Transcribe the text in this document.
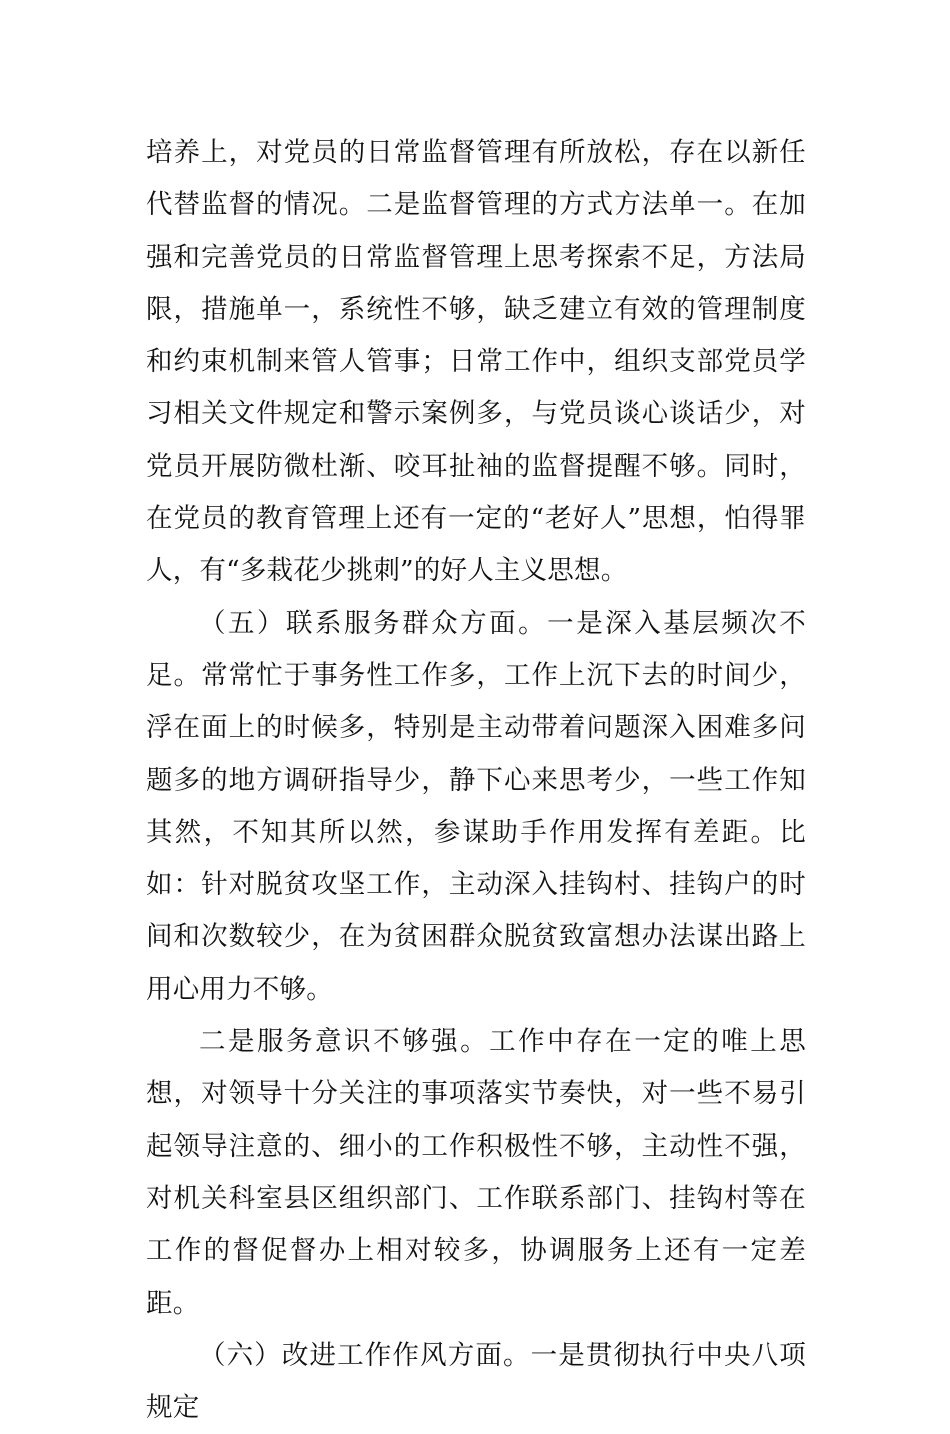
培养上，对党员的日常监督管理有所放松，存在以新任代替监督的情况。二是监督管理的方式方法单一。在加强和完善党员的日常监督管理上思考探索不足，方法局限，措施单一，系统性不够，缺乏建立有效的管理制度和约束机制来管人管事；日常工作中，组织支部党员学习相关文件规定和警示案例多，与党员谈心谈话少，对党员开展防微杜渐、咬耳扯袖的监督提醒不够。同时，在党员的教育管理上还有一定的“老好人”思想，怕得罪人，有“多栽花少挑刺”的好人主义思想。

（五）联系服务群众方面。一是深入基层频次不足。常常忙于事务性工作多，工作上沉下去的时间少，浮在面上的时候多，特别是主动带着问题深入困难多问题多的地方调研指导少，静下心来思考少，一些工作知其然，不知其所以然，参谋助手作用发挥有差距。比如：针对脱贫攻坚工作，主动深入挂钩村、挂钩户的时间和次数较少，在为贫困群众脱贫致富想办法谋出路上用心用力不够。

二是服务意识不够强。工作中存在一定的唯上思想，对领导十分关注的事项落实节奏快，对一些不易引起领导注意的、细小的工作积极性不够，主动性不强，对机关科室县区组织部门、工作联系部门、挂钩村等在工作的督促督办上相对较多，协调服务上还有一定差距。

（六）改进工作作风方面。一是贯彻执行中央八项规定
